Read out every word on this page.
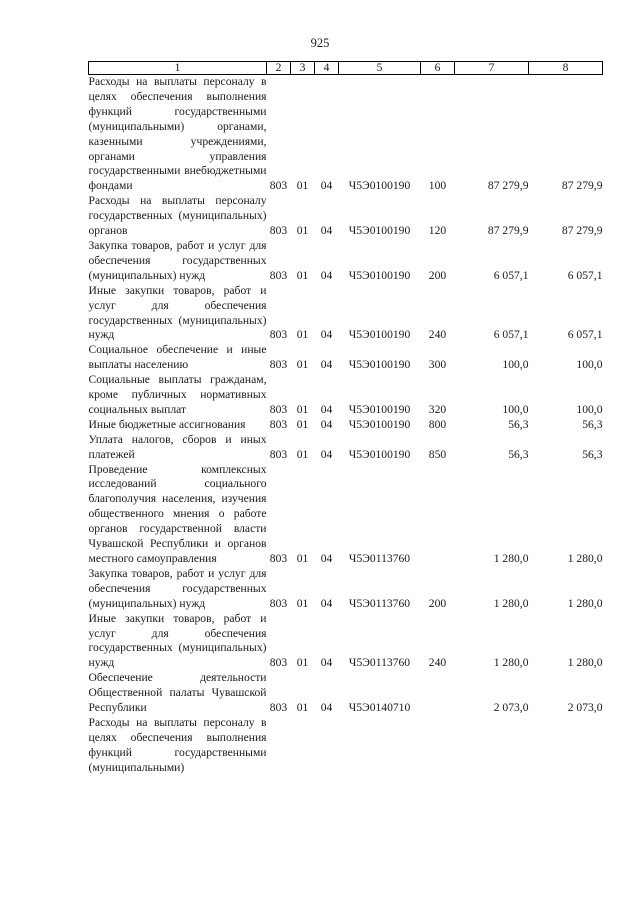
925
1	2	3	4	5	6	7	8
Расходы на выплаты персоналу в целях обеспечения выполнения функций государственными (муниципальными) органами, казенными учреждениями, органами управления государственными внебюджетными фондами	803	01	04	Ч5Э0100190	100	87 279,9	87 279,9
Расходы на выплаты персоналу государственных (муниципальных) органов	803	01	04	Ч5Э0100190	120	87 279,9	87 279,9
Закупка товаров, работ и услуг для обеспечения государственных (муниципальных) нужд	803	01	04	Ч5Э0100190	200	6 057,1	6 057,1
Иные закупки товаров, работ и услуг для обеспечения государственных (муниципальных) нужд	803	01	04	Ч5Э0100190	240	6 057,1	6 057,1
Социальное обеспечение и иные выплаты населению	803	01	04	Ч5Э0100190	300	100,0	100,0
Социальные выплаты гражданам, кроме публичных нормативных социальных выплат	803	01	04	Ч5Э0100190	320	100,0	100,0
Иные бюджетные ассигнования	803	01	04	Ч5Э0100190	800	56,3	56,3
Уплата налогов, сборов и иных платежей	803	01	04	Ч5Э0100190	850	56,3	56,3
Проведение комплексных исследований социального благополучия населения, изучения общественного мнения о работе органов государственной власти Чувашской Республики и органов местного самоуправления	803	01	04	Ч5Э0113760		1 280,0	1 280,0
Закупка товаров, работ и услуг для обеспечения государственных (муниципальных) нужд	803	01	04	Ч5Э0113760	200	1 280,0	1 280,0
Иные закупки товаров, работ и услуг для обеспечения государственных (муниципальных) нужд	803	01	04	Ч5Э0113760	240	1 280,0	1 280,0
Обеспечение деятельности Общественной палаты Чувашской Республики	803	01	04	Ч5Э0140710		2 073,0	2 073,0
Расходы на выплаты персоналу в целях обеспечения выполнения функций государственными (муниципальными)							
